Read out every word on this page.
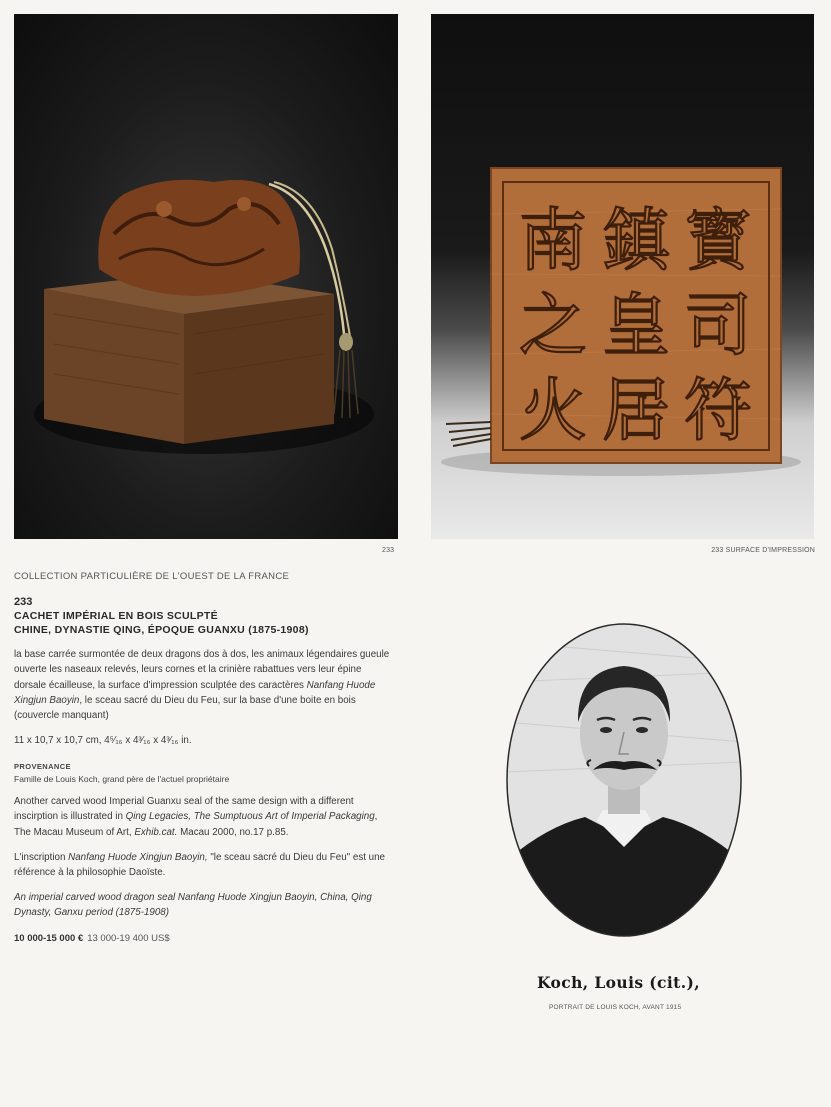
寳
鎮
南
司
皇
之
符
居
火
233	233 SURFACE D'IMPRESSION
COLLECTION PARTICULIÈRE DE L'OUEST DE LA FRANCE
233
CACHET IMPÉRIAL EN BOIS SCULPTÉ
CHINE, DYNASTIE QING, ÉPOQUE GUANXU (1875-1908)
la base carrée surmontée de deux dragons dos à dos, les animaux légendaires gueule ouverte les naseaux relevés, leurs cornes et la crinière rabattues vers leur épine dorsale écailleuse, la surface d'impression sculptée des caractères Nanfang Huode Xingjun Baoyin, le sceau sacré du Dieu du Feu, sur la base d'une boite en bois (couvercle manquant)
11 x 10,7 x 10,7 cm, 4⁵⁄₁₆ x 4³⁄₁₆ x 4³⁄₁₆ in.
PROVENANCE
Famille de Louis Koch, grand père de l'actuel propriétaire
Another carved wood Imperial Guanxu seal of the same design with a different inscirption is illustrated in Qing Legacies, The Sumptuous Art of Imperial Packaging, The Macau Museum of Art, Exhib.cat. Macau 2000, no.17 p.85.
L'inscription Nanfang Huode Xingjun Baoyin, "le sceau sacré du Dieu du Feu" est une référence à la philosophie Daoïste.
An imperial carved wood dragon seal Nanfang Huode Xingjun Baoyin, China, Qing Dynasty, Ganxu period (1875-1908)
10 000-15 000 € 13 000-19 400 US$
Koch, Louis (cit.),
PORTRAIT DE LOUIS KOCH, AVANT 1915
